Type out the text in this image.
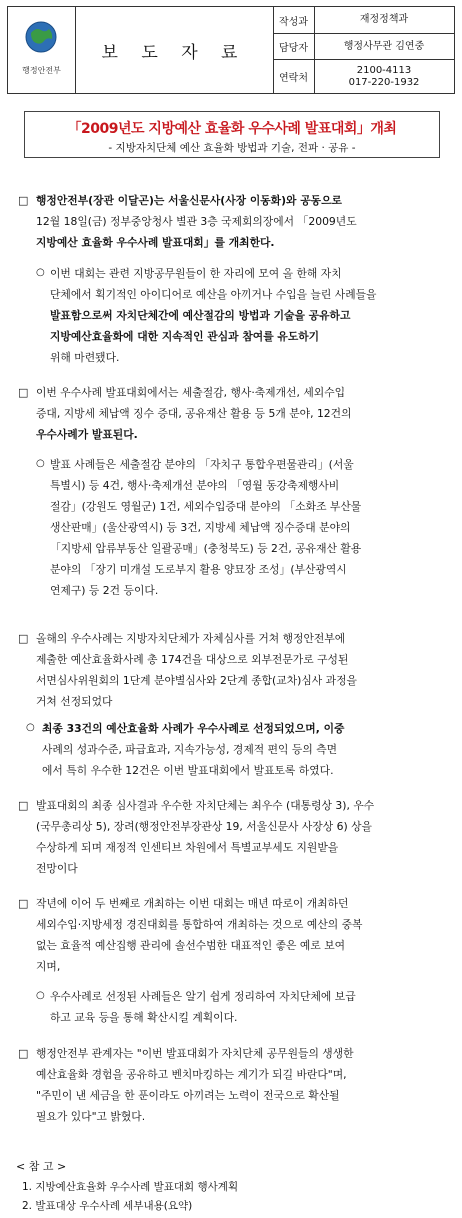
행정안전부
보 도 자 료
작성과	재정정책과
담당자	행정사무관 김연중
연락처
2100-4113
017-220-1932
「2009년도 지방예산 효율화 우수사례 발표대회」개최
- 지방자치단체 예산 효율화 방법과 기술, 전파 · 공유 -
□ 행정안전부(장관 이달곤)는 서울신문사(사장 이동화)와 공동으로
12월 18일(금) 정부중앙청사 별관 3층 국제회의장에서 「2009년도
지방예산 효율화 우수사례 발표대회」를 개최한다.
○ 이번 대회는 관련 지방공무원들이 한 자리에 모여 올 한해 자치
단체에서 획기적인 아이디어로 예산을 아끼거나 수입을 늘린 사례들을
발표함으로써 자치단체간에 예산절감의 방법과 기술을 공유하고
지방예산효율화에 대한 지속적인 관심과 참여를 유도하기
위해 마련됐다.
□ 이번 우수사례 발표대회에서는 세출절감, 행사·축제개선, 세외수입
증대, 지방세 체납액 징수 증대, 공유재산 활용 등 5개 분야, 12건의
우수사례가 발표된다.
○ 발표 사례들은 세출절감 분야의 「자치구 통합우편물관리」(서울
특별시) 등 4건, 행사·축제개선 분야의 「영월 동강축제행사비
절감」(강원도 영월군) 1건, 세외수입증대 분야의 「소화조 부산물
생산판매」(울산광역시) 등 3건, 지방세 체납액 징수증대 분야의
「지방세 압류부동산 일괄공매」(충청북도) 등 2건, 공유재산 활용
분야의 「장기 미개설 도로부지 활용 양묘장 조성」(부산광역시
연제구) 등 2건 등이다.
□ 올해의 우수사례는 지방자치단체가 자체심사를 거쳐 행정안전부에
제출한 예산효율화사례 총 174건을 대상으로 외부전문가로 구성된
서면심사위원회의 1단계 분야별심사와 2단계 종합(교차)심사 과정을
거쳐 선정되었다
○ 최종 33건의 예산효율화 사례가 우수사례로 선정되었으며, 이중
사례의 성과수준, 파급효과, 지속가능성, 경제적 편익 등의 측면
에서 특히 우수한 12건은 이번 발표대회에서 발표토록 하였다.
□ 발표대회의 최종 심사결과 우수한 자치단체는 최우수 (대통령상 3), 우수
(국무총리상 5), 장려(행정안전부장관상 19, 서울신문사 사장상 6) 상을
수상하게 되며 재정적 인센티브 차원에서 특별교부세도 지원받을
전망이다
□ 작년에 이어 두 번째로 개최하는 이번 대회는 매년 따로이 개최하던
세외수입·지방세정 경진대회를 통합하여 개최하는 것으로 예산의 중복
없는 효율적 예산집행 관리에 솔선수범한 대표적인 좋은 예로 보여
지며,
○ 우수사례로 선정된 사례들은 알기 쉽게 정리하여 자치단체에 보급
하고 교육 등을 통해 확산시킬 계획이다.
□ 행정안전부 관계자는 "이번 발표대회가 자치단체 공무원들의 생생한
예산효율화 경험을 공유하고 벤치마킹하는 계기가 되길 바란다"며,
"주민이 낸 세금을 한 푼이라도 아끼려는 노력이 전국으로 확산될
필요가 있다"고 밝혔다.
< 참 고 >
1. 지방예산효율화 우수사례 발표대회 행사계획
2. 발표대상 우수사례 세부내용(요약)
